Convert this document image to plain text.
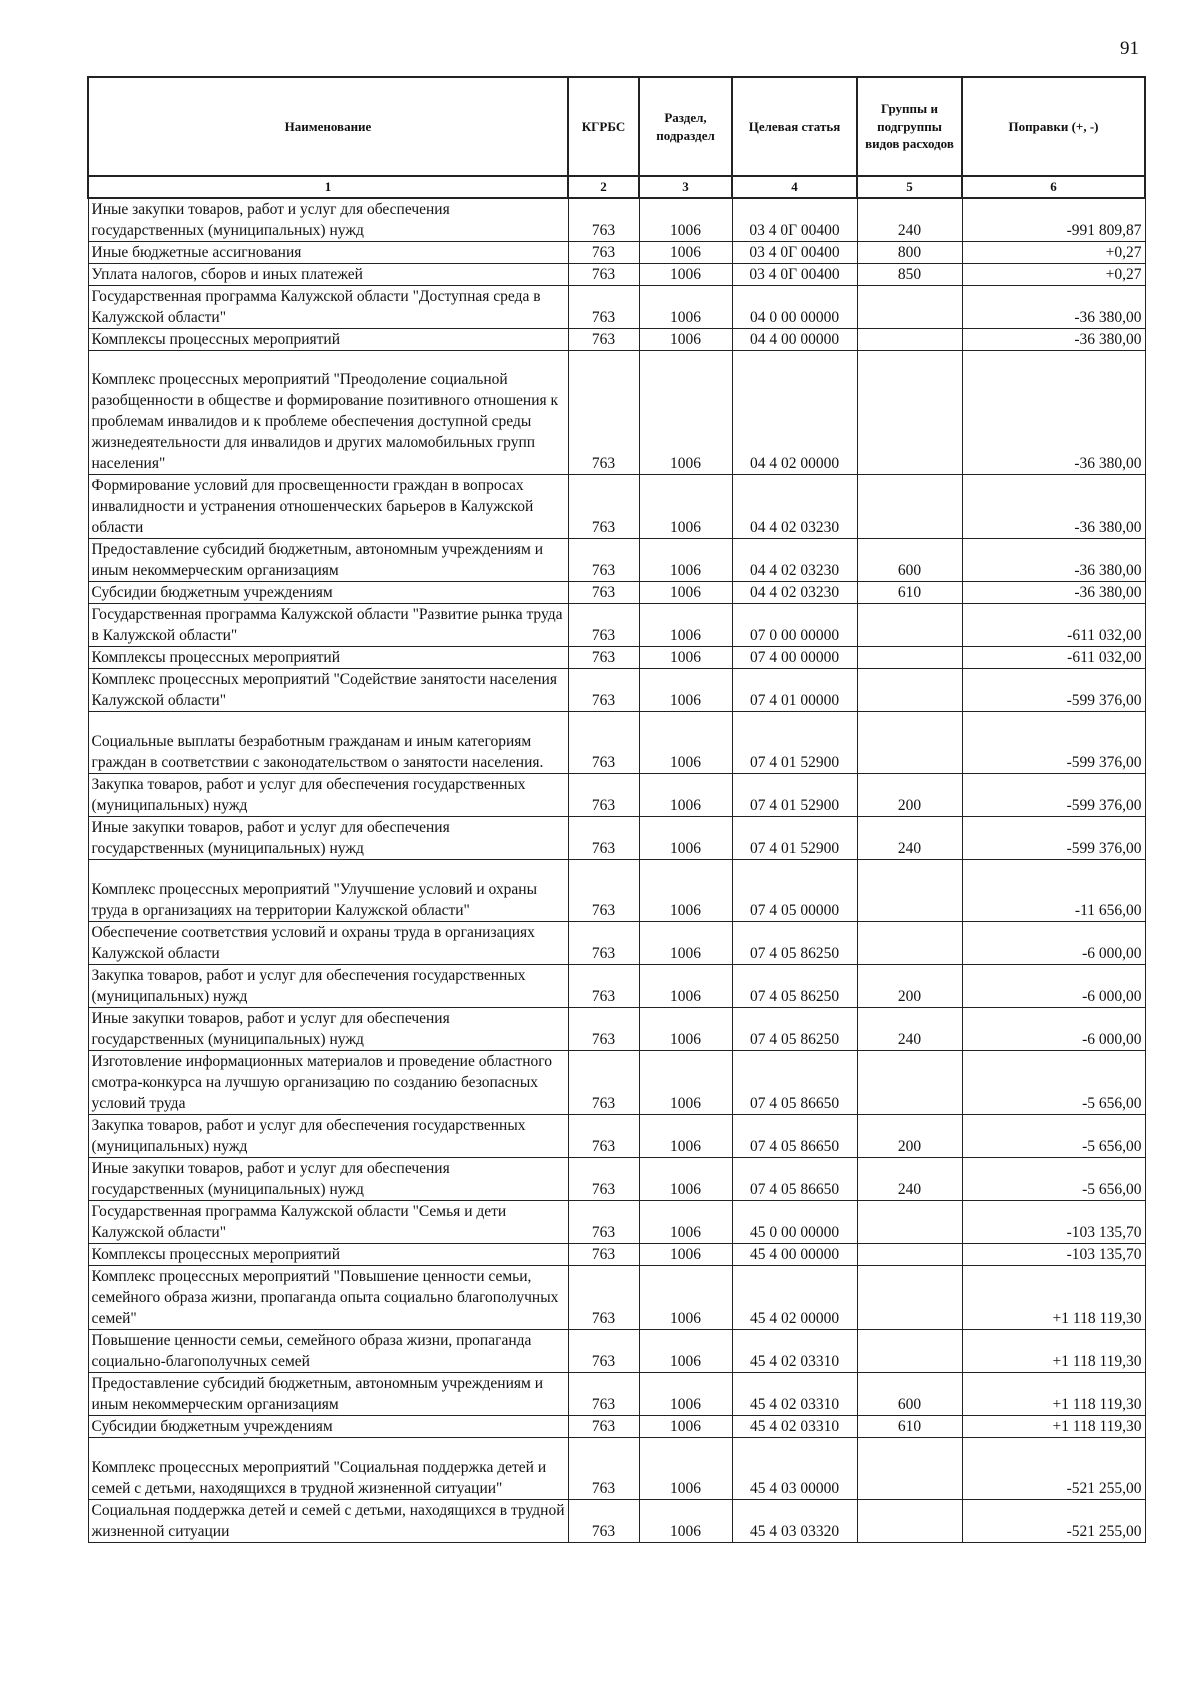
91
Наименование	КГРБС	Раздел, подраздел	Целевая статья	Группы и подгруппы видов расходов	Поправки (+, -)
1	2	3	4	5	6
Иные закупки товаров, работ и услуг для обеспечения государственных (муниципальных) нужд	763	1006	03 4 0Г 00400	240	-991 809,87
Иные бюджетные ассигнования	763	1006	03 4 0Г 00400	800	+0,27
Уплата налогов, сборов и иных платежей	763	1006	03 4 0Г 00400	850	+0,27
Государственная программа Калужской области "Доступная среда в Калужской области"	763	1006	04 0 00 00000		-36 380,00
Комплексы процессных мероприятий	763	1006	04 4 00 00000		-36 380,00
Комплекс процессных мероприятий "Преодоление социальной разобщенности в обществе и формирование позитивного отношения к проблемам инвалидов и к проблеме обеспечения доступной среды жизнедеятельности для инвалидов и других маломобильных групп населения"	763	1006	04 4 02 00000		-36 380,00
Формирование условий для просвещенности граждан в вопросах инвалидности и устранения отношенческих барьеров в Калужской области	763	1006	04 4 02 03230		-36 380,00
Предоставление субсидий бюджетным, автономным учреждениям и иным некоммерческим организациям	763	1006	04 4 02 03230	600	-36 380,00
Субсидии бюджетным учреждениям	763	1006	04 4 02 03230	610	-36 380,00
Государственная программа Калужской области "Развитие рынка труда в Калужской области"	763	1006	07 0 00 00000		-611 032,00
Комплексы процессных мероприятий	763	1006	07 4 00 00000		-611 032,00
Комплекс процессных мероприятий "Содействие занятости населения Калужской области"	763	1006	07 4 01 00000		-599 376,00
Социальные выплаты безработным гражданам и иным категориям граждан в соответствии с законодательством о занятости населения.	763	1006	07 4 01 52900		-599 376,00
Закупка товаров, работ и услуг для обеспечения государственных (муниципальных) нужд	763	1006	07 4 01 52900	200	-599 376,00
Иные закупки товаров, работ и услуг для обеспечения государственных (муниципальных) нужд	763	1006	07 4 01 52900	240	-599 376,00
Комплекс процессных мероприятий "Улучшение условий и охраны труда в организациях на территории Калужской области"	763	1006	07 4 05 00000		-11 656,00
Обеспечение соответствия условий и охраны труда в организациях Калужской области	763	1006	07 4 05 86250		-6 000,00
Закупка товаров, работ и услуг для обеспечения государственных (муниципальных) нужд	763	1006	07 4 05 86250	200	-6 000,00
Иные закупки товаров, работ и услуг для обеспечения государственных (муниципальных) нужд	763	1006	07 4 05 86250	240	-6 000,00
Изготовление информационных материалов и проведение областного смотра-конкурса на лучшую организацию по созданию безопасных условий труда	763	1006	07 4 05 86650		-5 656,00
Закупка товаров, работ и услуг для обеспечения государственных (муниципальных) нужд	763	1006	07 4 05 86650	200	-5 656,00
Иные закупки товаров, работ и услуг для обеспечения государственных (муниципальных) нужд	763	1006	07 4 05 86650	240	-5 656,00
Государственная программа Калужской области "Семья и дети Калужской области"	763	1006	45 0 00 00000		-103 135,70
Комплексы процессных мероприятий	763	1006	45 4 00 00000		-103 135,70
Комплекс процессных мероприятий "Повышение ценности семьи, семейного образа жизни, пропаганда опыта социально благополучных семей"	763	1006	45 4 02 00000		+1 118 119,30
Повышение ценности семьи, семейного образа жизни, пропаганда социально-благополучных семей	763	1006	45 4 02 03310		+1 118 119,30
Предоставление субсидий бюджетным, автономным учреждениям и иным некоммерческим организациям	763	1006	45 4 02 03310	600	+1 118 119,30
Субсидии бюджетным учреждениям	763	1006	45 4 02 03310	610	+1 118 119,30
Комплекс процессных мероприятий "Социальная поддержка детей и семей с детьми, находящихся в трудной жизненной ситуации"	763	1006	45 4 03 00000		-521 255,00
Социальная поддержка детей и семей с детьми, находящихся в трудной жизненной ситуации	763	1006	45 4 03 03320		-521 255,00
